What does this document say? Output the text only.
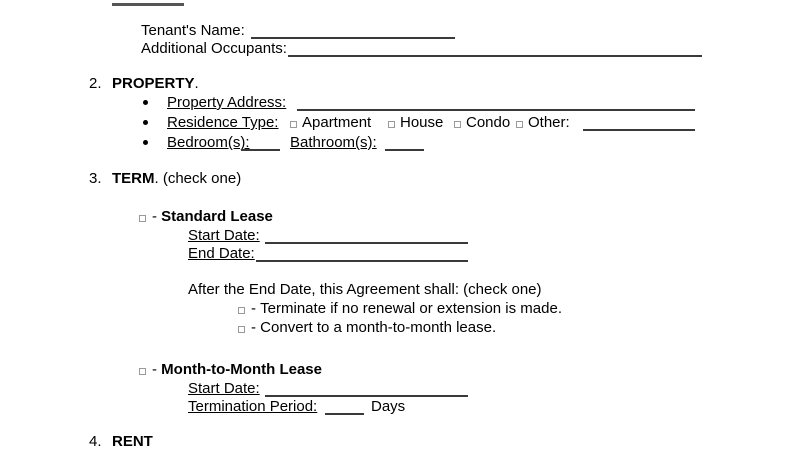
Tenant's Name:
Additional Occupants:
2. PROPERTY.
Property Address:
Residence Type: Apartment House Condo Other:
Bedroom(s):	Bathroom(s):
3. TERM. (check one)
- Standard Lease
Start Date:
End Date:
After the End Date, this Agreement shall: (check one)
- Terminate if no renewal or extension is made.
- Convert to a month-to-month lease.
- Month-to-Month Lease
Start Date:
Termination Period:	Days
4. RENT
